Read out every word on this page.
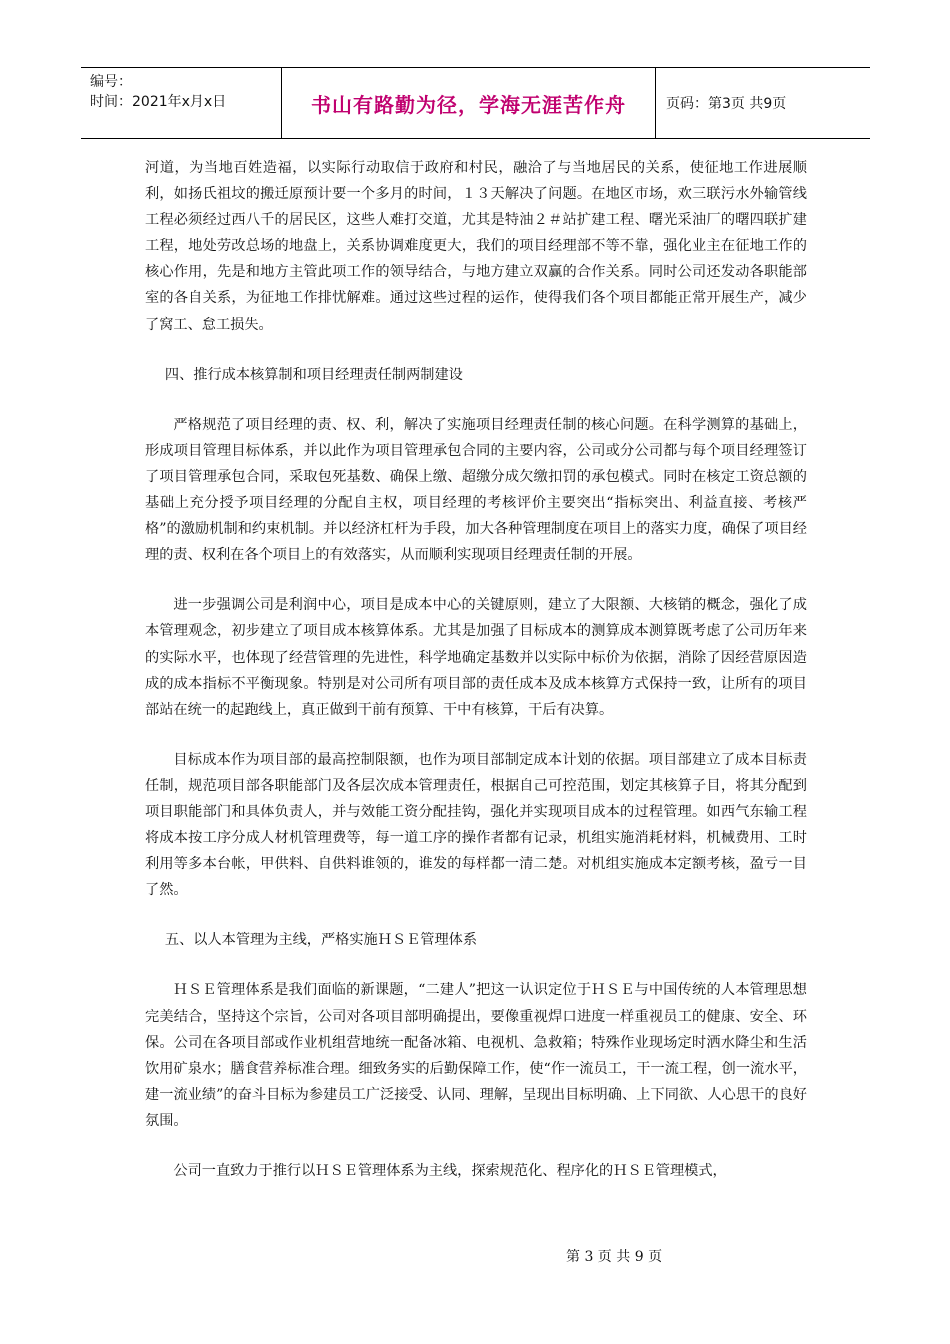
编号：
时间：2021年x月x日	书山有路勤为径，学海无涯苦作舟	页码：第3页 共9页

河道，为当地百姓造福，以实际行动取信于政府和村民，融洽了与当地居民的关系，使征地工作进展顺利，如扬氏祖坟的搬迁原预计要一个多月的时间，１３天解决了问题。在地区市场，欢三联污水外输管线工程必须经过西八千的居民区，这些人难打交道，尤其是特油２＃站扩建工程、曙光采油厂的曙四联扩建工程，地处劳改总场的地盘上，关系协调难度更大，我们的项目经理部不等不靠，强化业主在征地工作的核心作用，先是和地方主管此项工作的领导结合，与地方建立双赢的合作关系。同时公司还发动各职能部室的各自关系，为征地工作排忧解难。通过这些过程的运作，使得我们各个项目都能正常开展生产，减少了窝工、怠工损失。

四、推行成本核算制和项目经理责任制两制建设

严格规范了项目经理的责、权、利，解决了实施项目经理责任制的核心问题。在科学测算的基础上，形成项目管理目标体系，并以此作为项目管理承包合同的主要内容，公司或分公司都与每个项目经理签订了项目管理承包合同，采取包死基数、确保上缴、超缴分成欠缴扣罚的承包模式。同时在核定工资总额的基础上充分授予项目经理的分配自主权，项目经理的考核评价主要突出“指标突出、利益直接、考核严格”的激励机制和约束机制。并以经济杠杆为手段，加大各种管理制度在项目上的落实力度，确保了项目经理的责、权利在各个项目上的有效落实，从而顺利实现项目经理责任制的开展。

进一步强调公司是利润中心，项目是成本中心的关键原则，建立了大限额、大核销的概念，强化了成本管理观念，初步建立了项目成本核算体系。尤其是加强了目标成本的测算成本测算既考虑了公司历年来的实际水平，也体现了经营管理的先进性，科学地确定基数并以实际中标价为依据，消除了因经营原因造成的成本指标不平衡现象。特别是对公司所有项目部的责任成本及成本核算方式保持一致，让所有的项目部站在统一的起跑线上，真正做到干前有预算、干中有核算，干后有决算。

目标成本作为项目部的最高控制限额，也作为项目部制定成本计划的依据。项目部建立了成本目标责任制，规范项目部各职能部门及各层次成本管理责任，根据自己可控范围，划定其核算子目，将其分配到项目职能部门和具体负责人，并与效能工资分配挂钩，强化并实现项目成本的过程管理。如西气东输工程将成本按工序分成人材机管理费等，每一道工序的操作者都有记录，机组实施消耗材料，机械费用、工时利用等多本台帐，甲供料、自供料谁领的，谁发的每样都一清二楚。对机组实施成本定额考核，盈亏一目了然。

五、以人本管理为主线，严格实施ＨＳＥ管理体系

ＨＳＥ管理体系是我们面临的新课题，“二建人”把这一认识定位于ＨＳＥ与中国传统的人本管理思想完美结合，坚持这个宗旨，公司对各项目部明确提出，要像重视焊口进度一样重视员工的健康、安全、环保。公司在各项目部或作业机组营地统一配备冰箱、电视机、急救箱；特殊作业现场定时洒水降尘和生活饮用矿泉水；膳食营养标准合理。细致务实的后勤保障工作，使“作一流员工，干一流工程，创一流水平，建一流业绩”的奋斗目标为参建员工广泛接受、认同、理解，呈现出目标明确、上下同欲、人心思干的良好氛围。

公司一直致力于推行以ＨＳＥ管理体系为主线，探索规范化、程序化的ＨＳＥ管理模式，

第 3 页 共 9 页
